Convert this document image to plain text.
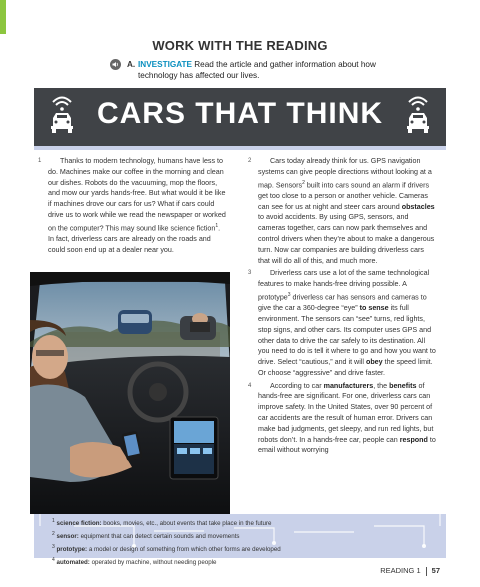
WORK WITH THE READING
A. INVESTIGATE Read the article and gather information about how technology has affected our lives.
CARS THAT THINK

1	Thanks to modern technology, humans have less to do. Machines make our coffee in the morning and clean our dishes. Robots do the vacuuming, mop the floors, and mow our yards hands-free. But what would it be like if machines drove our cars for us? What if cars could drive us to work while we read the newspaper or worked on the computer? This may sound like science fiction$^1$. In fact, driverless cars are already on the roads and could soon end up at a dealer near you.

2	Cars today already think for us. GPS navigation systems can give people directions without looking at a map. Sensors$^2$ built into cars sound an alarm if drivers get too close to a person or another vehicle. Cameras can see for us at night and steer cars around obstacles to avoid accidents. By using GPS, sensors, and cameras together, cars can now park themselves and control drivers when they’re about to make a dangerous turn. Now car companies are building driverless cars that will do all of this, and much more.

3	Driverless cars use a lot of the same technological features to make hands-free driving possible. A prototype$^3$ driverless car has sensors and cameras to give the car a 360-degree “eye” to sense its full environment. The sensors can “see” turns, red lights, stop signs, and other cars. Its computer uses GPS and other data to drive the car safely to its destination. All you need to do is tell it where to go and how you want to drive. Select “cautious,” and it will obey the speed limit. Or choose “aggressive” and drive faster.

4	According to car manufacturers, the benefits of hands-free are significant. For one, driverless cars can improve safety. In the United States, over 90 percent of car accidents are the result of human error. Drivers can make bad judgments, get sleepy, and run red lights, but robots don’t. In a hands-free car, people can respond to email without worrying

$^1$ science fiction: books, movies, etc., about events that take place in the future
$^2$ sensor: equipment that can detect certain sounds and movements
$^3$ prototype: a model or design of something from which other forms are developed
$^4$ automated: operated by machine, without needing people
READING 1 57
